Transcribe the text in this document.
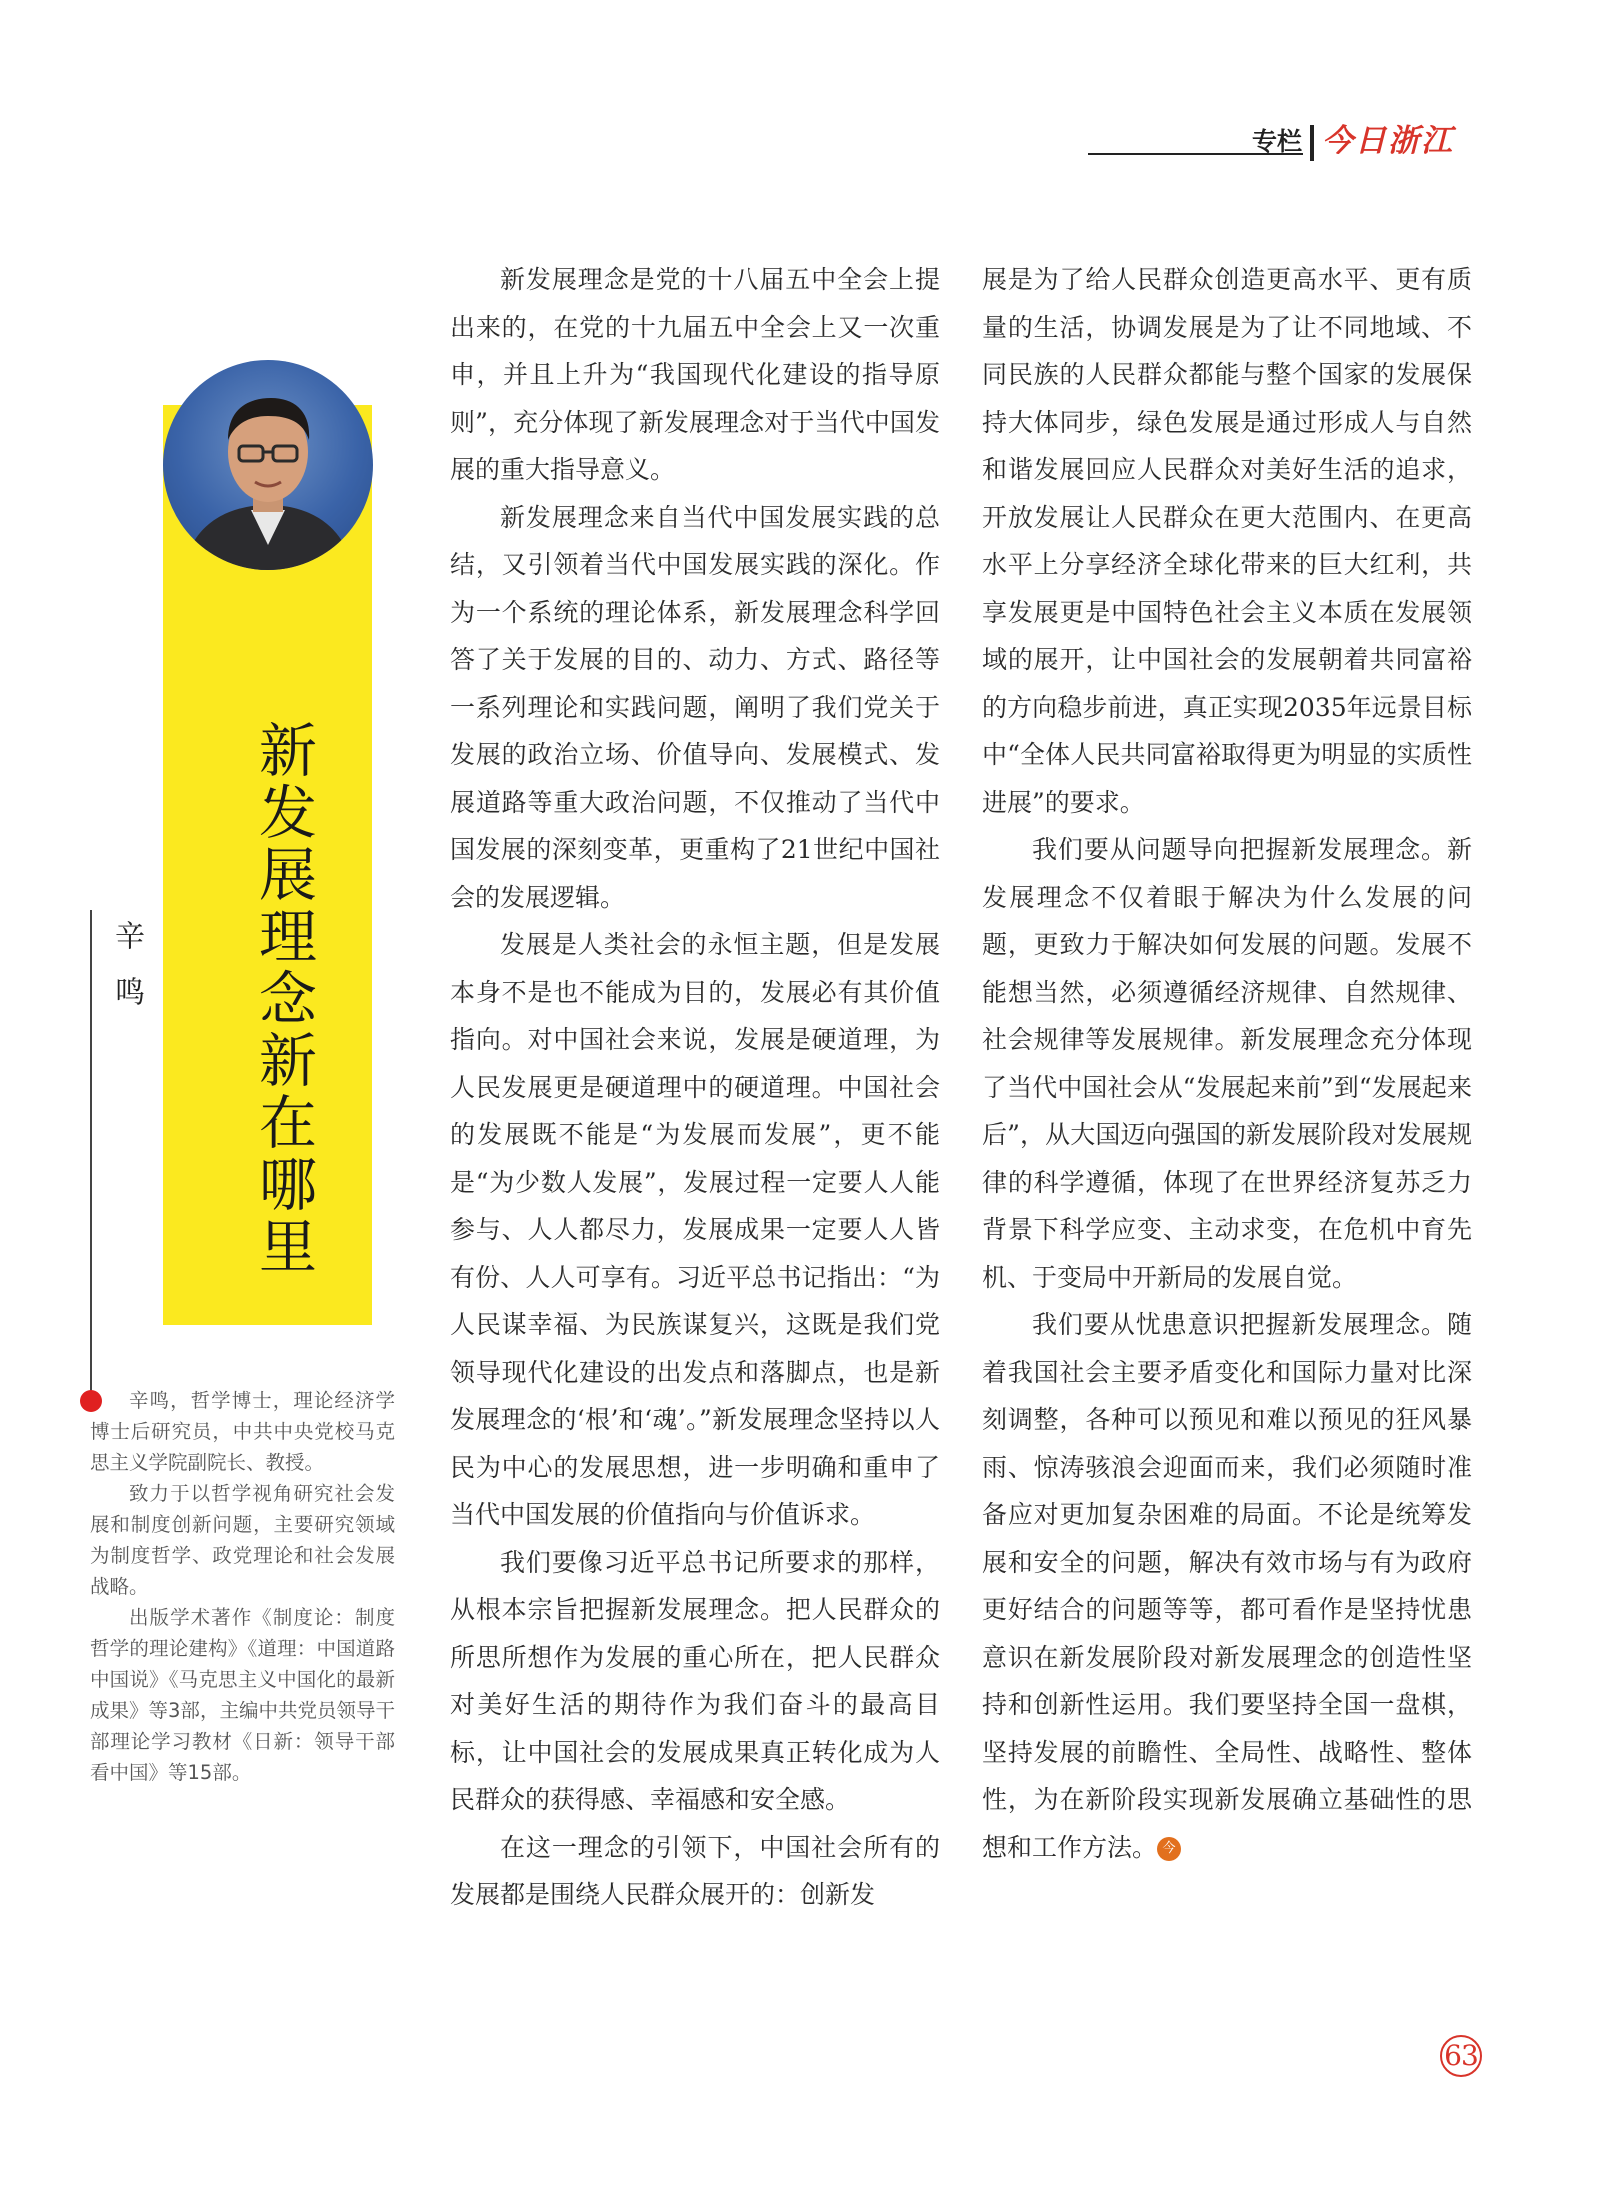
专栏 今日浙江
新发展理念新在哪里
辛鸣

辛鸣，哲学博士，理论经济学博士后研究员，中共中央党校马克思主义学院副院长、教授。

致力于以哲学视角研究社会发展和制度创新问题，主要研究领域为制度哲学、政党理论和社会发展战略。

出版学术著作《制度论：制度哲学的理论建构》《道理：中国道路中国说》《马克思主义中国化的最新成果》等3部，主编中共党员领导干部理论学习教材《日新：领导干部看中国》等15部。

新发展理念是党的十八届五中全会上提出来的，在党的十九届五中全会上又一次重申，并且上升为“我国现代化建设的指导原则”，充分体现了新发展理念对于当代中国发展的重大指导意义。

新发展理念来自当代中国发展实践的总结，又引领着当代中国发展实践的深化。作为一个系统的理论体系，新发展理念科学回答了关于发展的目的、动力、方式、路径等一系列理论和实践问题，阐明了我们党关于发展的政治立场、价值导向、发展模式、发展道路等重大政治问题，不仅推动了当代中国发展的深刻变革，更重构了21世纪中国社会的发展逻辑。

发展是人类社会的永恒主题，但是发展本身不是也不能成为目的，发展必有其价值指向。对中国社会来说，发展是硬道理，为人民发展更是硬道理中的硬道理。中国社会的发展既不能是“为发展而发展”，更不能是“为少数人发展”，发展过程一定要人人能参与、人人都尽力，发展成果一定要人人皆有份、人人可享有。习近平总书记指出：“为人民谋幸福、为民族谋复兴，这既是我们党领导现代化建设的出发点和落脚点，也是新发展理念的‘根’和‘魂’。”新发展理念坚持以人民为中心的发展思想，进一步明确和重申了当代中国发展的价值指向与价值诉求。

我们要像习近平总书记所要求的那样，从根本宗旨把握新发展理念。把人民群众的所思所想作为发展的重心所在，把人民群众对美好生活的期待作为我们奋斗的最高目标，让中国社会的发展成果真正转化成为人民群众的获得感、幸福感和安全感。

在这一理念的引领下，中国社会所有的发展都是围绕人民群众展开的：创新发

展是为了给人民群众创造更高水平、更有质量的生活，协调发展是为了让不同地域、不同民族的人民群众都能与整个国家的发展保持大体同步，绿色发展是通过形成人与自然和谐发展回应人民群众对美好生活的追求，开放发展让人民群众在更大范围内、在更高水平上分享经济全球化带来的巨大红利，共享发展更是中国特色社会主义本质在发展领域的展开，让中国社会的发展朝着共同富裕的方向稳步前进，真正实现2035年远景目标中“全体人民共同富裕取得更为明显的实质性进展”的要求。

我们要从问题导向把握新发展理念。新发展理念不仅着眼于解决为什么发展的问题，更致力于解决如何发展的问题。发展不能想当然，必须遵循经济规律、自然规律、社会规律等发展规律。新发展理念充分体现了当代中国社会从“发展起来前”到“发展起来后”，从大国迈向强国的新发展阶段对发展规律的科学遵循，体现了在世界经济复苏乏力背景下科学应变、主动求变，在危机中育先机、于变局中开新局的发展自觉。

我们要从忧患意识把握新发展理念。随着我国社会主要矛盾变化和国际力量对比深刻调整，各种可以预见和难以预见的狂风暴雨、惊涛骇浪会迎面而来，我们必须随时准备应对更加复杂困难的局面。不论是统筹发展和安全的问题，解决有效市场与有为政府更好结合的问题等等，都可看作是坚持忧患意识在新发展阶段对新发展理念的创造性坚持和创新性运用。我们要坚持全国一盘棋，坚持发展的前瞻性、全局性、战略性、整体性，为在新阶段实现新发展确立基础性的思想和工作方法。 今

63
